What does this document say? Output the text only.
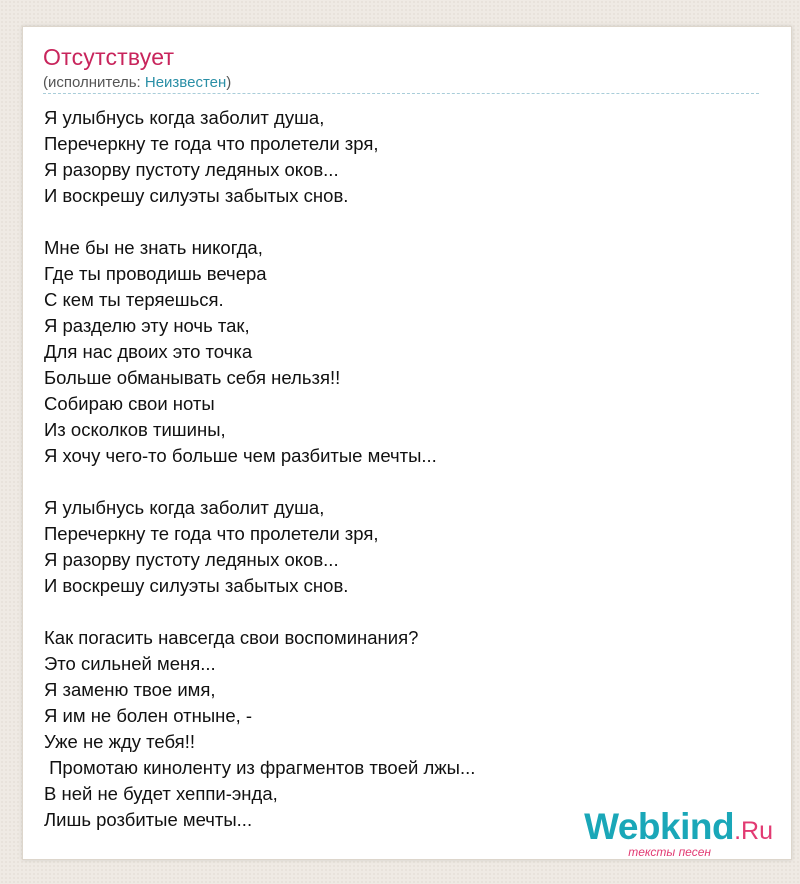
Отсутствует
(исполнитель: Неизвестен)
Я улыбнусь когда заболит душа,
Перечеркну те года что пролетели зря,
Я разорву пустоту ледяных оков...
И воскрешу силуэты забытых снов.

Мне бы не знать никогда,
Где ты проводишь вечера
С кем ты теряешься.
Я разделю эту ночь так,
Для нас двоих это точка
Больше обманывать себя нельзя!!
Собираю свои ноты
Из осколков тишины,
Я хочу чего-то больше чем разбитые мечты...

Я улыбнусь когда заболит душа,
Перечеркну те года что пролетели зря,
Я разорву пустоту ледяных оков...
И воскрешу силуэты забытых снов.

Как погасить навсегда свои воспоминания?
Это сильней меня...
Я заменю твое имя,
Я им не болен отныне, -
Уже не жду тебя!!
Промотаю киноленту из фрагментов твоей лжы...
В ней не будет хеппи-энда,
Лишь розбитые мечты...	Webkind.Ru
тексты песен
